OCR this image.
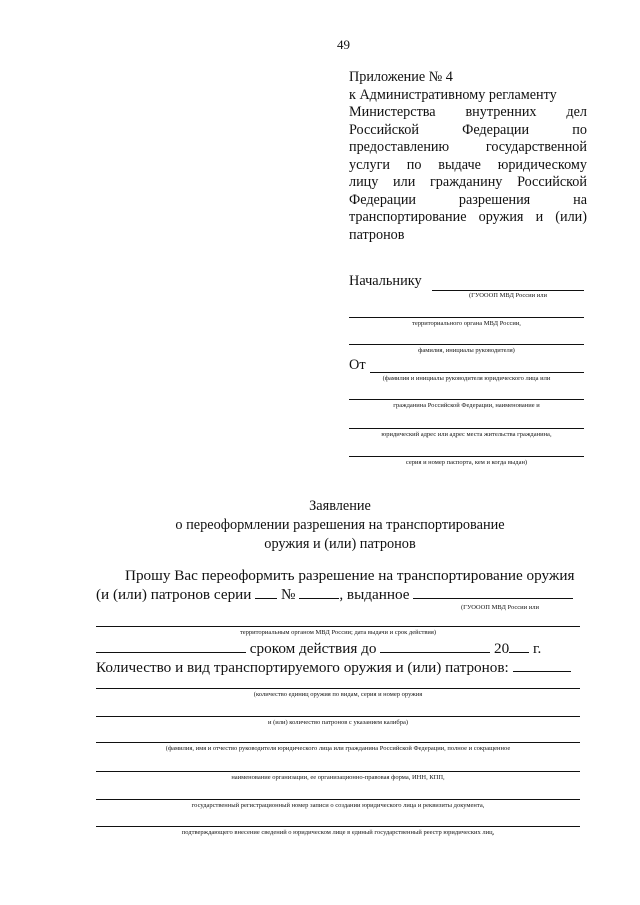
49
Приложение № 4
к Административному регламенту
Министерства внутренних дел
Российской Федерации по
предоставлению государственной
услуги по выдаче юридическому
лицу или гражданину Российской
Федерации разрешения на
транспортирование оружия и (или)
патронов
Начальнику
(ГУОООП МВД России или
территориального органа МВД России,
фамилия, инициалы руководителя)
От
(фамилия и инициалы руководителя юридического лица или
гражданина Российской Федерации, наименование и
юридический адрес или адрес места жительства гражданина,
серия и номер паспорта, кем и когда выдан)
Заявление
о переоформлении разрешения на транспортирование
оружия и (или) патронов
Прошу Вас переоформить разрешение на транспортирование оружия
(и (или) патронов серии №	, выданное
(ГУОООП МВД России или
территориальным органом МВД России; дата выдачи и срок действия)
сроком действия до	20 г.
Количество и вид транспортируемого оружия и (или) патронов:
(количество единиц оружия по видам, серия и номер оружия
и (или) количество патронов с указанием калибра)
(фамилия, имя и отчество руководителя юридического лица или гражданина Российской Федерации, полное и сокращенное
наименование организации, ее организационно-правовая форма, ИНН, КПП,
государственный регистрационный номер записи о создании юридического лица и реквизиты документа,
подтверждающего внесение сведений о юридическом лице в единый государственный реестр юридических лиц,
